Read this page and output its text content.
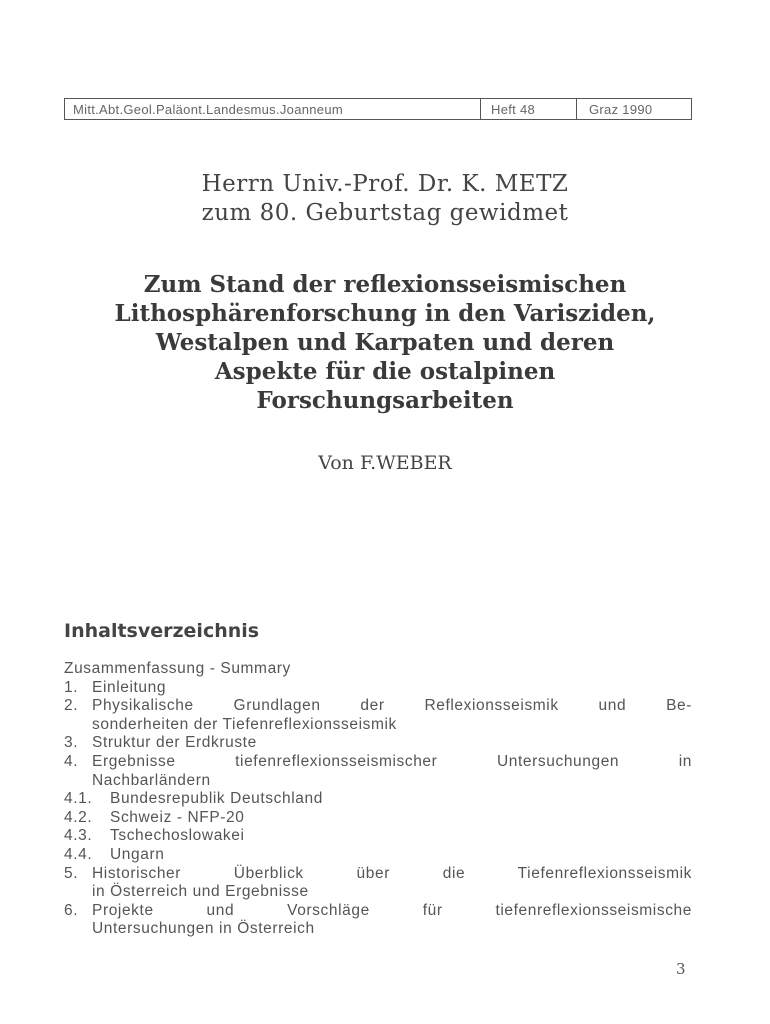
Mitt.Abt.Geol.Paläont.Landesmus.Joanneum	Heft 48	Graz 1990
Herrn Univ.-Prof. Dr. K. METZ
zum 80. Geburtstag gewidmet
Zum Stand der reflexionsseismischen
Lithosphärenforschung in den Varisziden,
Westalpen und Karpaten und deren
Aspekte für die ostalpinen
Forschungsarbeiten
Von F.WEBER
Inhaltsverzeichnis
Zusammenfassung - Summary
1. Einleitung
2. Physikalische Grundlagen der Reflexionsseismik und Be-
sonderheiten der Tiefenreflexionsseismik
3. Struktur der Erdkruste
4. Ergebnisse tiefenreflexionsseismischer Untersuchungen in
Nachbarländern
4.1.	Bundesrepublik Deutschland
4.2.	Schweiz - NFP-20
4.3.	Tschechoslowakei
4.4.	Ungarn
5. Historischer Überblick über die Tiefenreflexionsseismik
in Österreich und Ergebnisse
6. Projekte und Vorschläge für tiefenreflexionsseismische
Untersuchungen in Österreich
3
